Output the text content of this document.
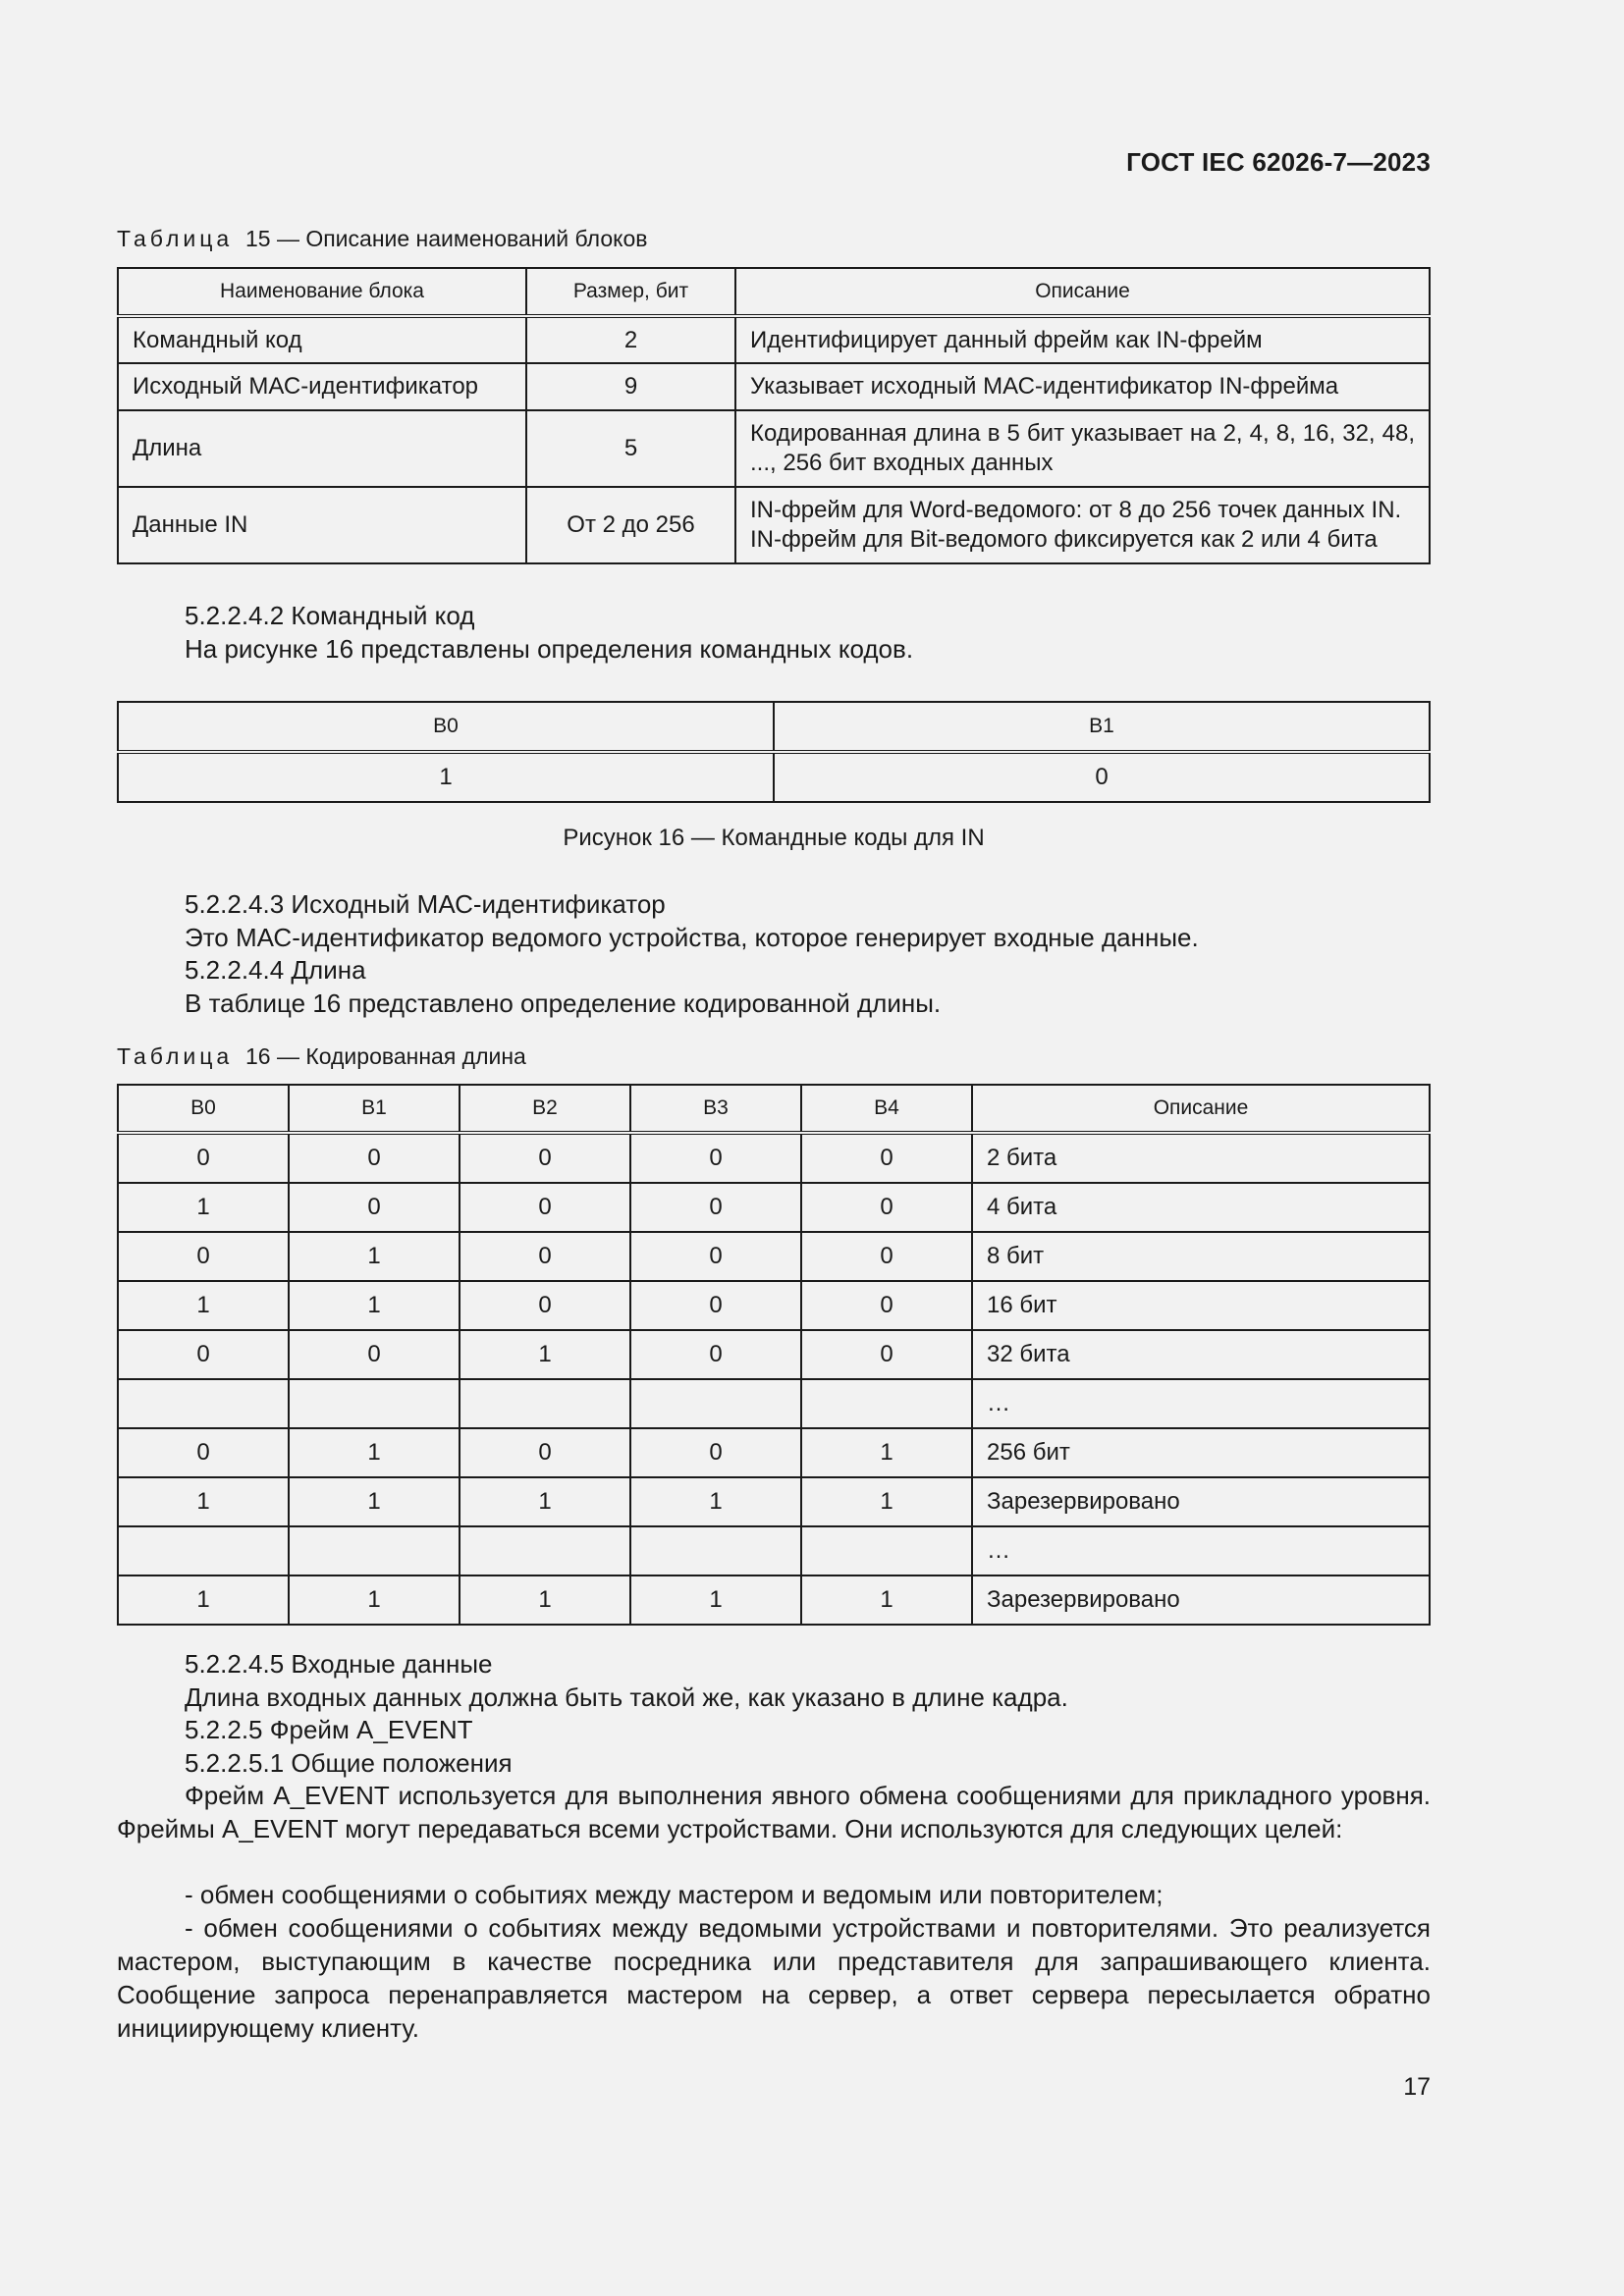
ГОСТ IEC 62026-7—2023
Таблица 15 — Описание наименований блоков
Наименование блока	Размер, бит	Описание
Командный код	2	Идентифицирует данный фрейм как IN-фрейм
Исходный МАС-идентификатор	9	Указывает исходный МАС-идентификатор IN-фрейма
Длина	5	Кодированная длина в 5 бит указывает на 2, 4, 8, 16, 32, 48, ..., 256 бит входных данных
Данные IN	От 2 до 256	IN-фрейм для Word-ведомого: от 8 до 256 точек данных IN.
IN-фрейм для Bit-ведомого фиксируется как 2 или 4 бита
5.2.2.4.2 Командный код
На рисунке 16 представлены определения командных кодов.
B0	B1
1	0
Рисунок 16 — Командные коды для IN
5.2.2.4.3 Исходный МАС-идентификатор
Это МАС-идентификатор ведомого устройства, которое генерирует входные данные.
5.2.2.4.4 Длина
В таблице 16 представлено определение кодированной длины.
Таблица 16 — Кодированная длина
B0	B1	B2	B3	B4	Описание
0	0	0	0	0	2 бита
1	0	0	0	0	4 бита
0	1	0	0	0	8 бит
1	1	0	0	0	16 бит
0	0	1	0	0	32 бита
					…
0	1	0	0	1	256 бит
1	1	1	1	1	Зарезервировано
					…
1	1	1	1	1	Зарезервировано
5.2.2.4.5 Входные данные
Длина входных данных должна быть такой же, как указано в длине кадра.
5.2.2.5 Фрейм A_EVENT
5.2.2.5.1 Общие положения
Фрейм A_EVENT используется для выполнения явного обмена сообщениями для прикладного уровня. Фреймы A_EVENT могут передаваться всеми устройствами. Они используются для следующих целей:
- обмен сообщениями о событиях между мастером и ведомым или повторителем;
- обмен сообщениями о событиях между ведомыми устройствами и повторителями. Это реализуется мастером, выступающим в качестве посредника или представителя для запрашивающего клиента. Сообщение запроса перенаправляется мастером на сервер, а ответ сервера пересылается обратно инициирующему клиенту.
17
